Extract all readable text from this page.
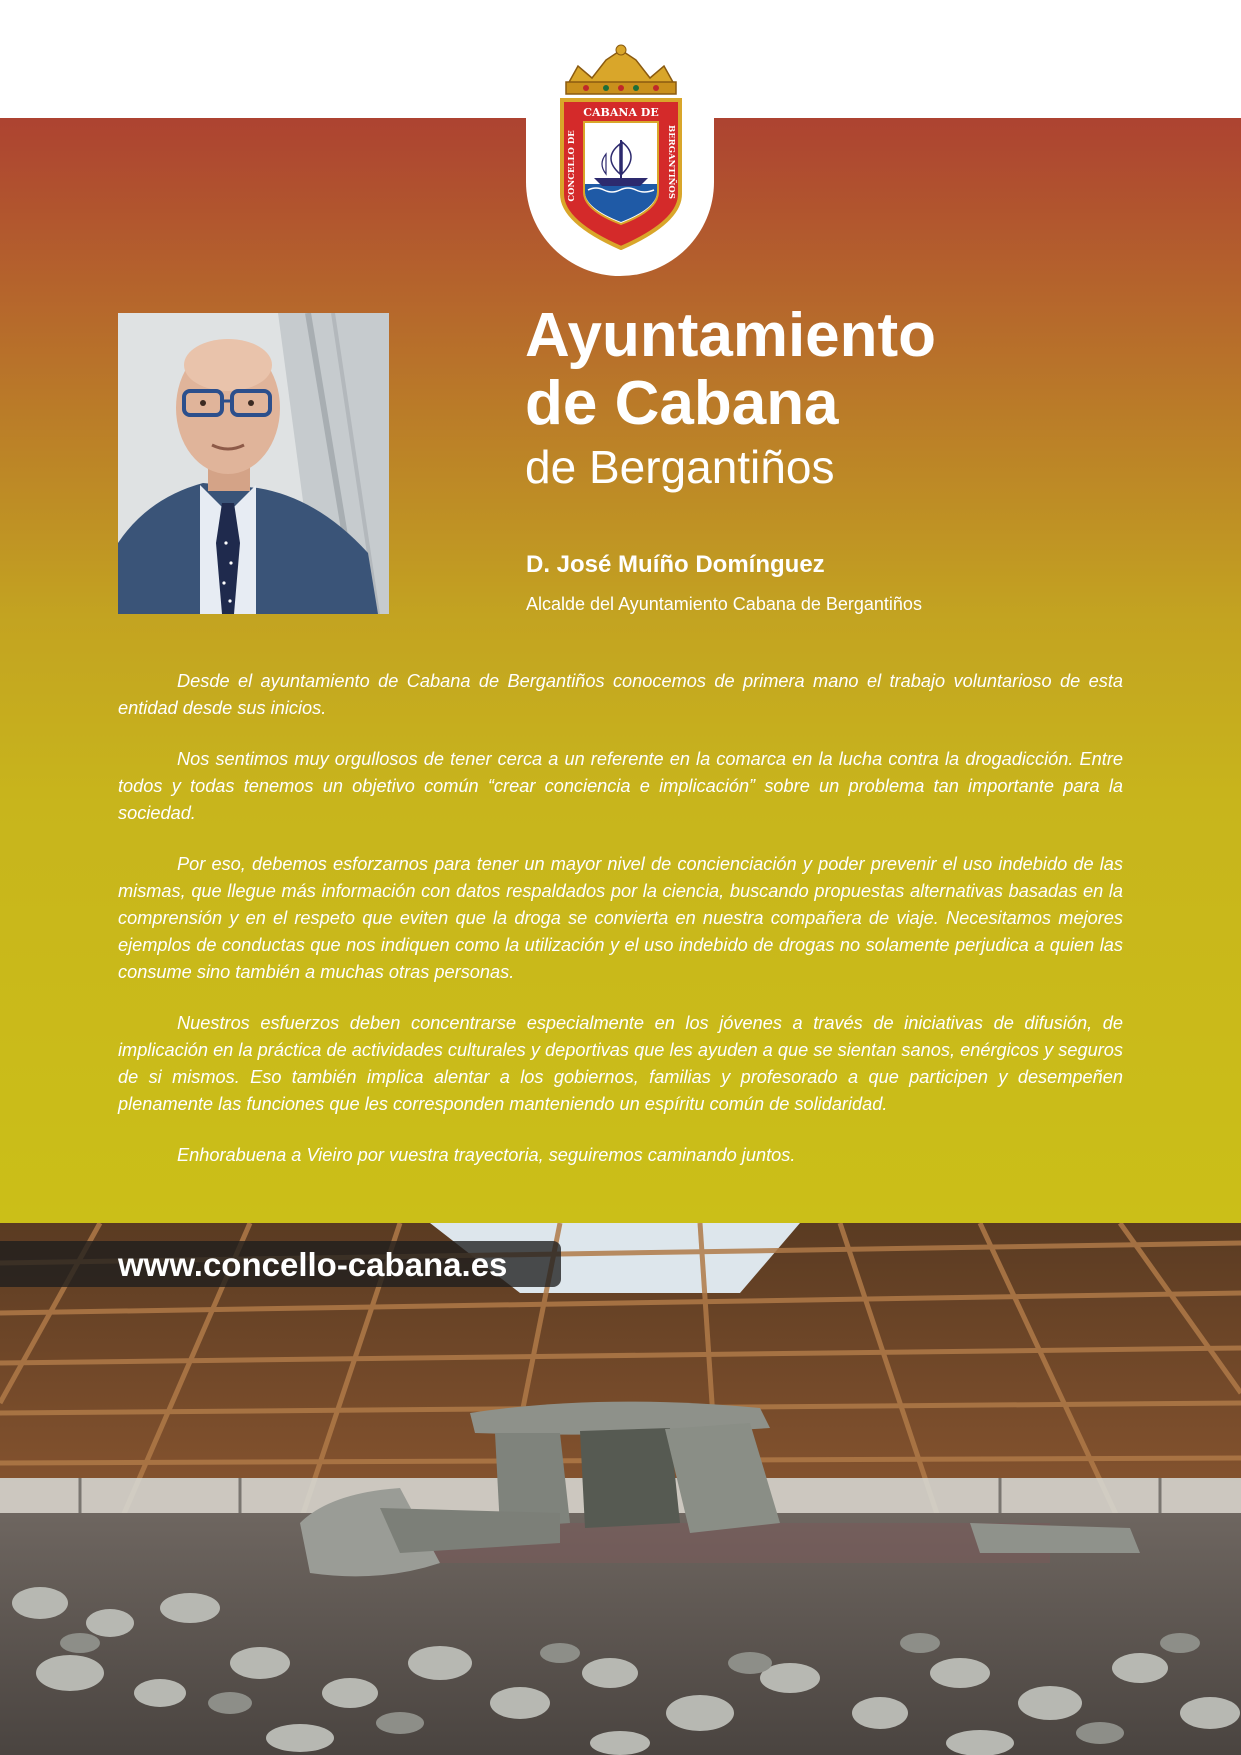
CABANA DE
CONCELLO DE	BERGANTIÑOS
Ayuntamiento
de Cabana
de Bergantiños
D. José Muíño Domínguez
Alcalde del Ayuntamiento Cabana de Bergantiños

Desde el ayuntamiento de Cabana de Bergantiños conocemos de primera mano el trabajo voluntarioso de esta entidad desde sus inicios.

Nos sentimos muy orgullosos de tener cerca a un referente en la comarca en la lucha contra la drogadicción. Entre todos y todas tenemos un objetivo común “crear conciencia e implicación” sobre un problema tan importante para la sociedad.

Por eso, debemos esforzarnos para tener un mayor nivel de concienciación y poder prevenir el uso indebido de las mismas, que llegue más información con datos respaldados por la ciencia, buscando propuestas alternativas basadas en la comprensión y en el respeto que eviten que la droga se convierta en nuestra compañera de viaje. Necesitamos mejores ejemplos de conductas que nos indiquen como la utilización y el uso indebido de drogas no solamente perjudica a quien las consume sino también a muchas otras personas.

Nuestros esfuerzos deben concentrarse especialmente en los jóvenes a través de iniciativas de difusión, de implicación en la práctica de actividades culturales y deportivas que les ayuden a que se sientan sanos, enérgicos y seguros de si mismos. Eso también implica alentar a los gobiernos, familias y profesorado a que participen y desempeñen plenamente las funciones que les corresponden manteniendo un espíritu común de solidaridad.

Enhorabuena a Vieiro por vuestra trayectoria, seguiremos caminando juntos.

www.concello-cabana.es
